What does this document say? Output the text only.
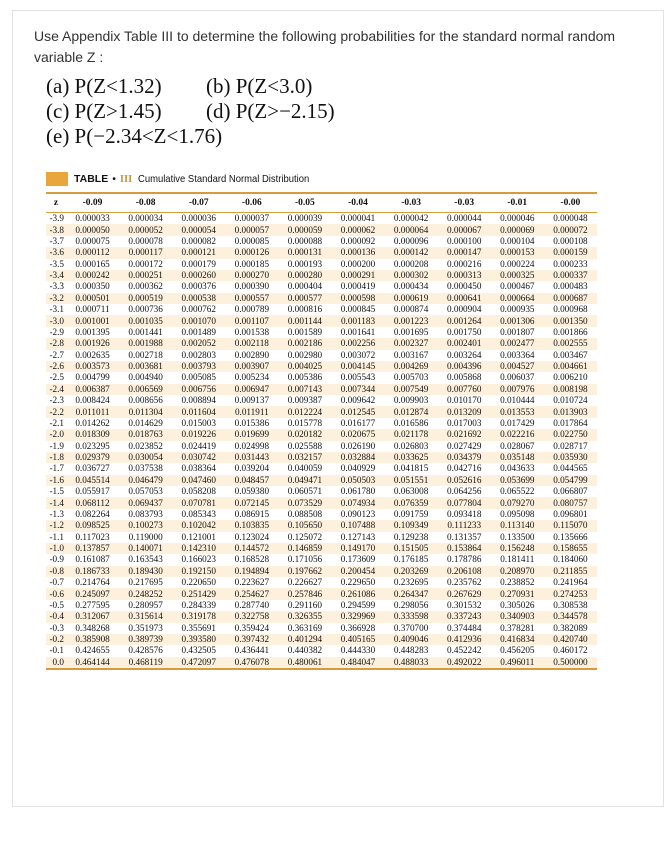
Use Appendix Table III to determine the following probabilities for the standard normal random variable Z :
(a) P(Z<1.32)	(b) P(Z<3.0)
(c) P(Z>1.45)	(d) P(Z>−2.15)
(e) P(−2.34<Z<1.76)
TABLE • III Cumulative Standard Normal Distribution
z	-0.09	-0.08	-0.07	-0.06	-0.05	-0.04	-0.03	-0.03	-0.01	-0.00
-3.9	0.000033	0.000034	0.000036	0.000037	0.000039	0.000041	0.000042	0.000044	0.000046	0.000048
-3.8	0.000050	0.000052	0.000054	0.000057	0.000059	0.000062	0.000064	0.000067	0.000069	0.000072
-3.7	0.000075	0.000078	0.000082	0.000085	0.000088	0.000092	0.000096	0.000100	0.000104	0.000108
-3.6	0.000112	0.000117	0.000121	0.000126	0.000131	0.000136	0.000142	0.000147	0.000153	0.000159
-3.5	0.000165	0.000172	0.000179	0.000185	0.000193	0.000200	0.000208	0.000216	0.000224	0.000233
-3.4	0.000242	0.000251	0.000260	0.000270	0.000280	0.000291	0.000302	0.000313	0.000325	0.000337
-3.3	0.000350	0.000362	0.000376	0.000390	0.000404	0.000419	0.000434	0.000450	0.000467	0.000483
-3.2	0.000501	0.000519	0.000538	0.000557	0.000577	0.000598	0.000619	0.000641	0.000664	0.000687
-3.1	0.000711	0.000736	0.000762	0.000789	0.000816	0.000845	0.000874	0.000904	0.000935	0.000968
-3.0	0.001001	0.001035	0.001070	0.001107	0.001144	0.001183	0.001223	0.001264	0.001306	0.001350
-2.9	0.001395	0.001441	0.001489	0.001538	0.001589	0.001641	0.001695	0.001750	0.001807	0.001866
-2.8	0.001926	0.001988	0.002052	0.002118	0.002186	0.002256	0.002327	0.002401	0.002477	0.002555
-2.7	0.002635	0.002718	0.002803	0.002890	0.002980	0.003072	0.003167	0.003264	0.003364	0.003467
-2.6	0.003573	0.003681	0.003793	0.003907	0.004025	0.004145	0.004269	0.004396	0.004527	0.004661
-2.5	0.004799	0.004940	0.005085	0.005234	0.005386	0.005543	0.005703	0.005868	0.006037	0.006210
-2.4	0.006387	0.006569	0.006756	0.006947	0.007143	0.007344	0.007549	0.007760	0.007976	0.008198
-2.3	0.008424	0.008656	0.008894	0.009137	0.009387	0.009642	0.009903	0.010170	0.010444	0.010724
-2.2	0.011011	0.011304	0.011604	0.011911	0.012224	0.012545	0.012874	0.013209	0.013553	0.013903
-2.1	0.014262	0.014629	0.015003	0.015386	0.015778	0.016177	0.016586	0.017003	0.017429	0.017864
-2.0	0.018309	0.018763	0.019226	0.019699	0.020182	0.020675	0.021178	0.021692	0.022216	0.022750
-1.9	0.023295	0.023852	0.024419	0.024998	0.025588	0.026190	0.026803	0.027429	0.028067	0.028717
-1.8	0.029379	0.030054	0.030742	0.031443	0.032157	0.032884	0.033625	0.034379	0.035148	0.035930
-1.7	0.036727	0.037538	0.038364	0.039204	0.040059	0.040929	0.041815	0.042716	0.043633	0.044565
-1.6	0.045514	0.046479	0.047460	0.048457	0.049471	0.050503	0.051551	0.052616	0.053699	0.054799
-1.5	0.055917	0.057053	0.058208	0.059380	0.060571	0.061780	0.063008	0.064256	0.065522	0.066807
-1.4	0.068112	0.069437	0.070781	0.072145	0.073529	0.074934	0.076359	0.077804	0.079270	0.080757
-1.3	0.082264	0.083793	0.085343	0.086915	0.088508	0.090123	0.091759	0.093418	0.095098	0.096801
-1.2	0.098525	0.100273	0.102042	0.103835	0.105650	0.107488	0.109349	0.111233	0.113140	0.115070
-1.1	0.117023	0.119000	0.121001	0.123024	0.125072	0.127143	0.129238	0.131357	0.133500	0.135666
-1.0	0.137857	0.140071	0.142310	0.144572	0.146859	0.149170	0.151505	0.153864	0.156248	0.158655
-0.9	0.161087	0.163543	0.166023	0.168528	0.171056	0.173609	0.176185	0.178786	0.181411	0.184060
-0.8	0.186733	0.189430	0.192150	0.194894	0.197662	0.200454	0.203269	0.206108	0.208970	0.211855
-0.7	0.214764	0.217695	0.220650	0.223627	0.226627	0.229650	0.232695	0.235762	0.238852	0.241964
-0.6	0.245097	0.248252	0.251429	0.254627	0.257846	0.261086	0.264347	0.267629	0.270931	0.274253
-0.5	0.277595	0.280957	0.284339	0.287740	0.291160	0.294599	0.298056	0.301532	0.305026	0.308538
-0.4	0.312067	0.315614	0.319178	0.322758	0.326355	0.329969	0.333598	0.337243	0.340903	0.344578
-0.3	0.348268	0.351973	0.355691	0.359424	0.363169	0.366928	0.370700	0.374484	0.378281	0.382089
-0.2	0.385908	0.389739	0.393580	0.397432	0.401294	0.405165	0.409046	0.412936	0.416834	0.420740
-0.1	0.424655	0.428576	0.432505	0.436441	0.440382	0.444330	0.448283	0.452242	0.456205	0.460172
0.0	0.464144	0.468119	0.472097	0.476078	0.480061	0.484047	0.488033	0.492022	0.496011	0.500000
